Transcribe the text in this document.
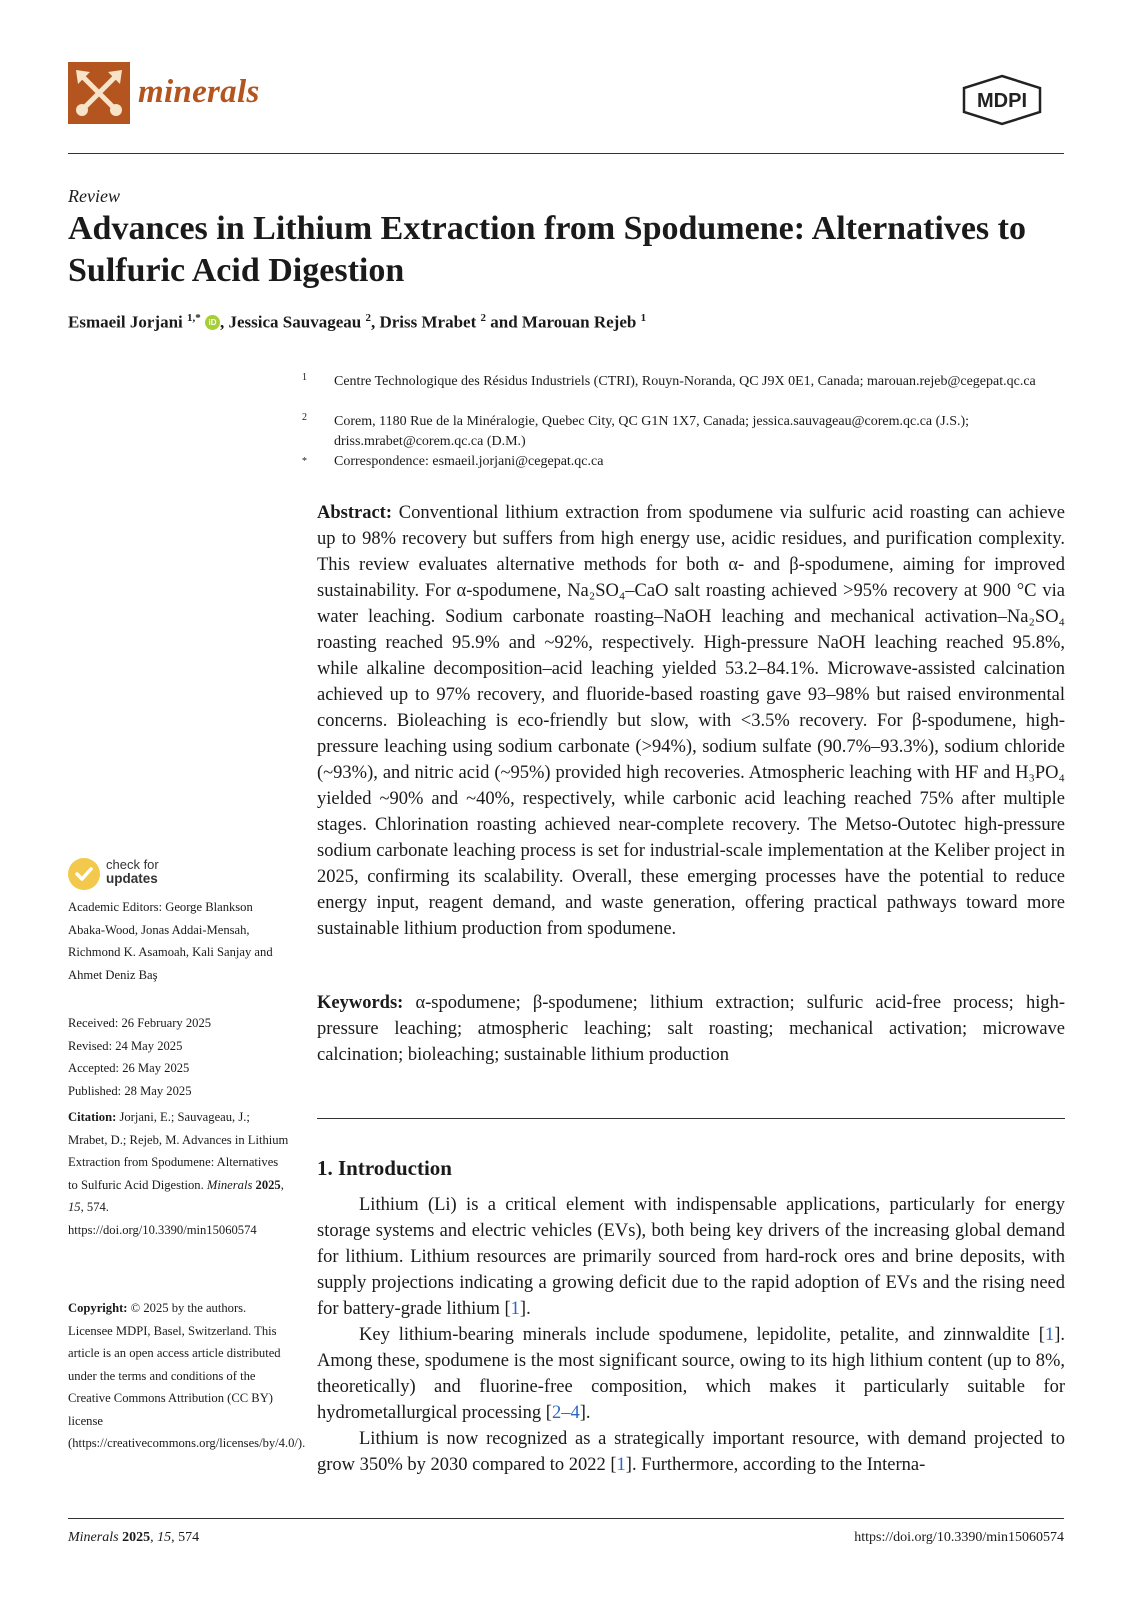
minerals	MDPI
Review
Advances in Lithium Extraction from Spodumene: Alternatives to Sulfuric Acid Digestion
Esmaeil Jorjani $^{1,*}$ iD , Jessica Sauvageau $^2$, Driss Mrabet $^2$ and Marouan Rejeb $^1$
1 Centre Technologique des Résidus Industriels (CTRI), Rouyn-Noranda, QC J9X 0E1, Canada; marouan.rejeb@cegepat.qc.ca
2 Corem, 1180 Rue de la Minéralogie, Quebec City, QC G1N 1X7, Canada; jessica.sauvageau@corem.qc.ca (J.S.); driss.mrabet@corem.qc.ca (D.M.)
* Correspondence: esmaeil.jorjani@cegepat.qc.ca
Abstract: Conventional lithium extraction from spodumene via sulfuric acid roasting can achieve up to 98% recovery but suffers from high energy use, acidic residues, and purification complexity. This review evaluates alternative methods for both α- and β-spodumene, aiming for improved sustainability. For α-spodumene, Na₂SO₄–CaO salt roasting achieved >95% recovery at 900 °C via water leaching. Sodium carbonate roasting–NaOH leaching and mechanical activation–Na₂SO₄ roasting reached 95.9% and ~92%, respectively. High-pressure NaOH leaching reached 95.8%, while alkaline decomposition–acid leaching yielded 53.2–84.1%. Microwave-assisted calcination achieved up to 97% recovery, and fluoride-based roasting gave 93–98% but raised environmental concerns. Bioleaching is eco-friendly but slow, with <3.5% recovery. For β-spodumene, high-pressure leaching using sodium carbonate (>94%), sodium sulfate (90.7%–93.3%), sodium chloride (~93%), and nitric acid (~95%) provided high recoveries. Atmospheric leaching with HF and H₃PO₄ yielded ~90% and ~40%, respectively, while carbonic acid leaching reached 75% after multiple stages. Chlorination roasting achieved near-complete recovery. The Metso-Outotec high-pressure sodium carbonate leaching process is set for industrial-scale implementation at the Keliber project in 2025, confirming its scalability. Overall, these emerging processes have the potential to reduce energy input, reagent demand, and waste generation, offering practical pathways toward more sustainable lithium production from spodumene.
Keywords: α-spodumene; β-spodumene; lithium extraction; sulfuric acid-free process; high-pressure leaching; atmospheric leaching; salt roasting; mechanical activation; microwave calcination; bioleaching; sustainable lithium production
1. Introduction

Lithium (Li) is a critical element with indispensable applications, particularly for energy storage systems and electric vehicles (EVs), both being key drivers of the increasing global demand for lithium. Lithium resources are primarily sourced from hard-rock ores and brine deposits, with supply projections indicating a growing deficit due to the rapid adoption of EVs and the rising need for battery-grade lithium [1].

Key lithium-bearing minerals include spodumene, lepidolite, petalite, and zinnwaldite [1]. Among these, spodumene is the most significant source, owing to its high lithium content (up to 8%, theoretically) and fluorine-free composition, which makes it particularly suitable for hydrometallurgical processing [2–4].

Lithium is now recognized as a strategically important resource, with demand projected to grow 350% by 2030 compared to 2022 [1]. Furthermore, according to the Interna-

check for
updates
Academic Editors: George Blankson Abaka-Wood, Jonas Addai-Mensah, Richmond K. Asamoah, Kali Sanjay and Ahmet Deniz Baş
Received: 26 February 2025
Revised: 24 May 2025
Accepted: 26 May 2025
Published: 28 May 2025
Citation: Jorjani, E.; Sauvageau, J.; Mrabet, D.; Rejeb, M. Advances in Lithium Extraction from Spodumene: Alternatives to Sulfuric Acid Digestion. Minerals 2025, 15, 574. https://doi.org/10.3390/min15060574
Copyright: © 2025 by the authors. Licensee MDPI, Basel, Switzerland. This article is an open access article distributed under the terms and conditions of the Creative Commons Attribution (CC BY) license (https://creativecommons.org/licenses/by/4.0/).
Minerals 2025, 15, 574	https://doi.org/10.3390/min15060574
